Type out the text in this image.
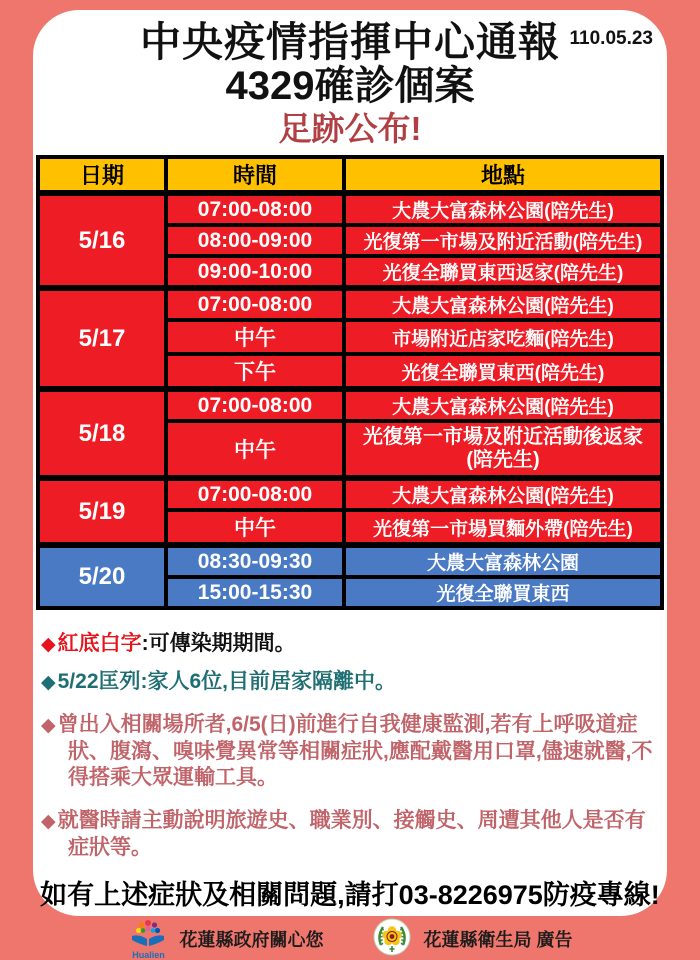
中央疫情指揮中心通報 110.05.23
4329確診個案
足跡公布!
日期	時間	地點
5/16	07:00-08:00	大農大富森林公園(陪先生)
	08:00-09:00	光復第一市場及附近活動(陪先生)
	09:00-10:00	光復全聯買東西返家(陪先生)
5/17	07:00-08:00	大農大富森林公園(陪先生)
	中午	市場附近店家吃麵(陪先生)
	下午	光復全聯買東西(陪先生)
5/18	07:00-08:00	大農大富森林公園(陪先生)
	中午	光復第一市場及附近活動後返家(陪先生)
5/19	07:00-08:00	大農大富森林公園(陪先生)
	中午	光復第一市場買麵外帶(陪先生)
5/20	08:30-09:30	大農大富森林公園
	15:00-15:30	光復全聯買東西
◆紅底白字:可傳染期期間。
◆5/22匡列:家人6位,目前居家隔離中。
◆曾出入相關場所者,6/5(日)前進行自我健康監測,若有上呼吸道症狀、腹瀉、嗅味覺異常等相關症狀,應配戴醫用口罩,儘速就醫,不得搭乘大眾運輸工具。
◆就醫時請主動說明旅遊史、職業別、接觸史、周遭其他人是否有症狀等。
如有上述症狀及相關問題,請打03-8226975防疫專線!
Hualien
花蓮縣政府關心您	花蓮縣衛生局 廣告
